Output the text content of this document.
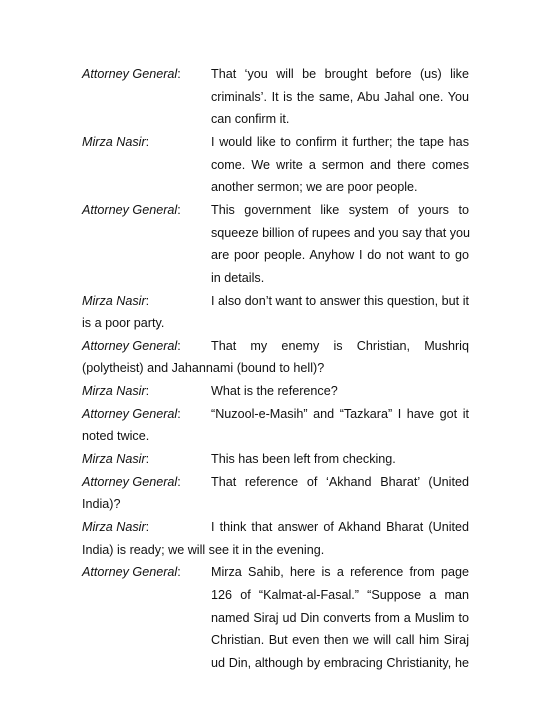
Attorney General: That ‘you will be brought before (us) like
criminals’. It is the same, Abu Jahal one. You
can confirm it.
Mirza Nasir:	I would like to confirm it further; the tape has
come. We write a sermon and there comes
another sermon; we are poor people.
Attorney General: This government like system of yours to
squeeze billion of rupees and you say that you
are poor people. Anyhow I do not want to go
in details.
Mirza Nasir:	I also don’t want to answer this question, but it
is a poor party.
Attorney General: That my enemy is Christian, Mushriq
(polytheist) and Jahannami (bound to hell)?
Mirza Nasir:	What is the reference?
Attorney General: “Nuzool-e-Masih” and “Tazkara” I have got it
noted twice.
Mirza Nasir:	This has been left from checking.
Attorney General: That reference of ‘Akhand Bharat’ (United
India)?
Mirza Nasir:	I think that answer of Akhand Bharat (United
India) is ready; we will see it in the evening.
Attorney General: Mirza Sahib, here is a reference from page
126 of “Kalmat-al-Fasal.” “Suppose a man
named Siraj ud Din converts from a Muslim to
Christian. But even then we will call him Siraj
ud Din, although by embracing Christianity, he
